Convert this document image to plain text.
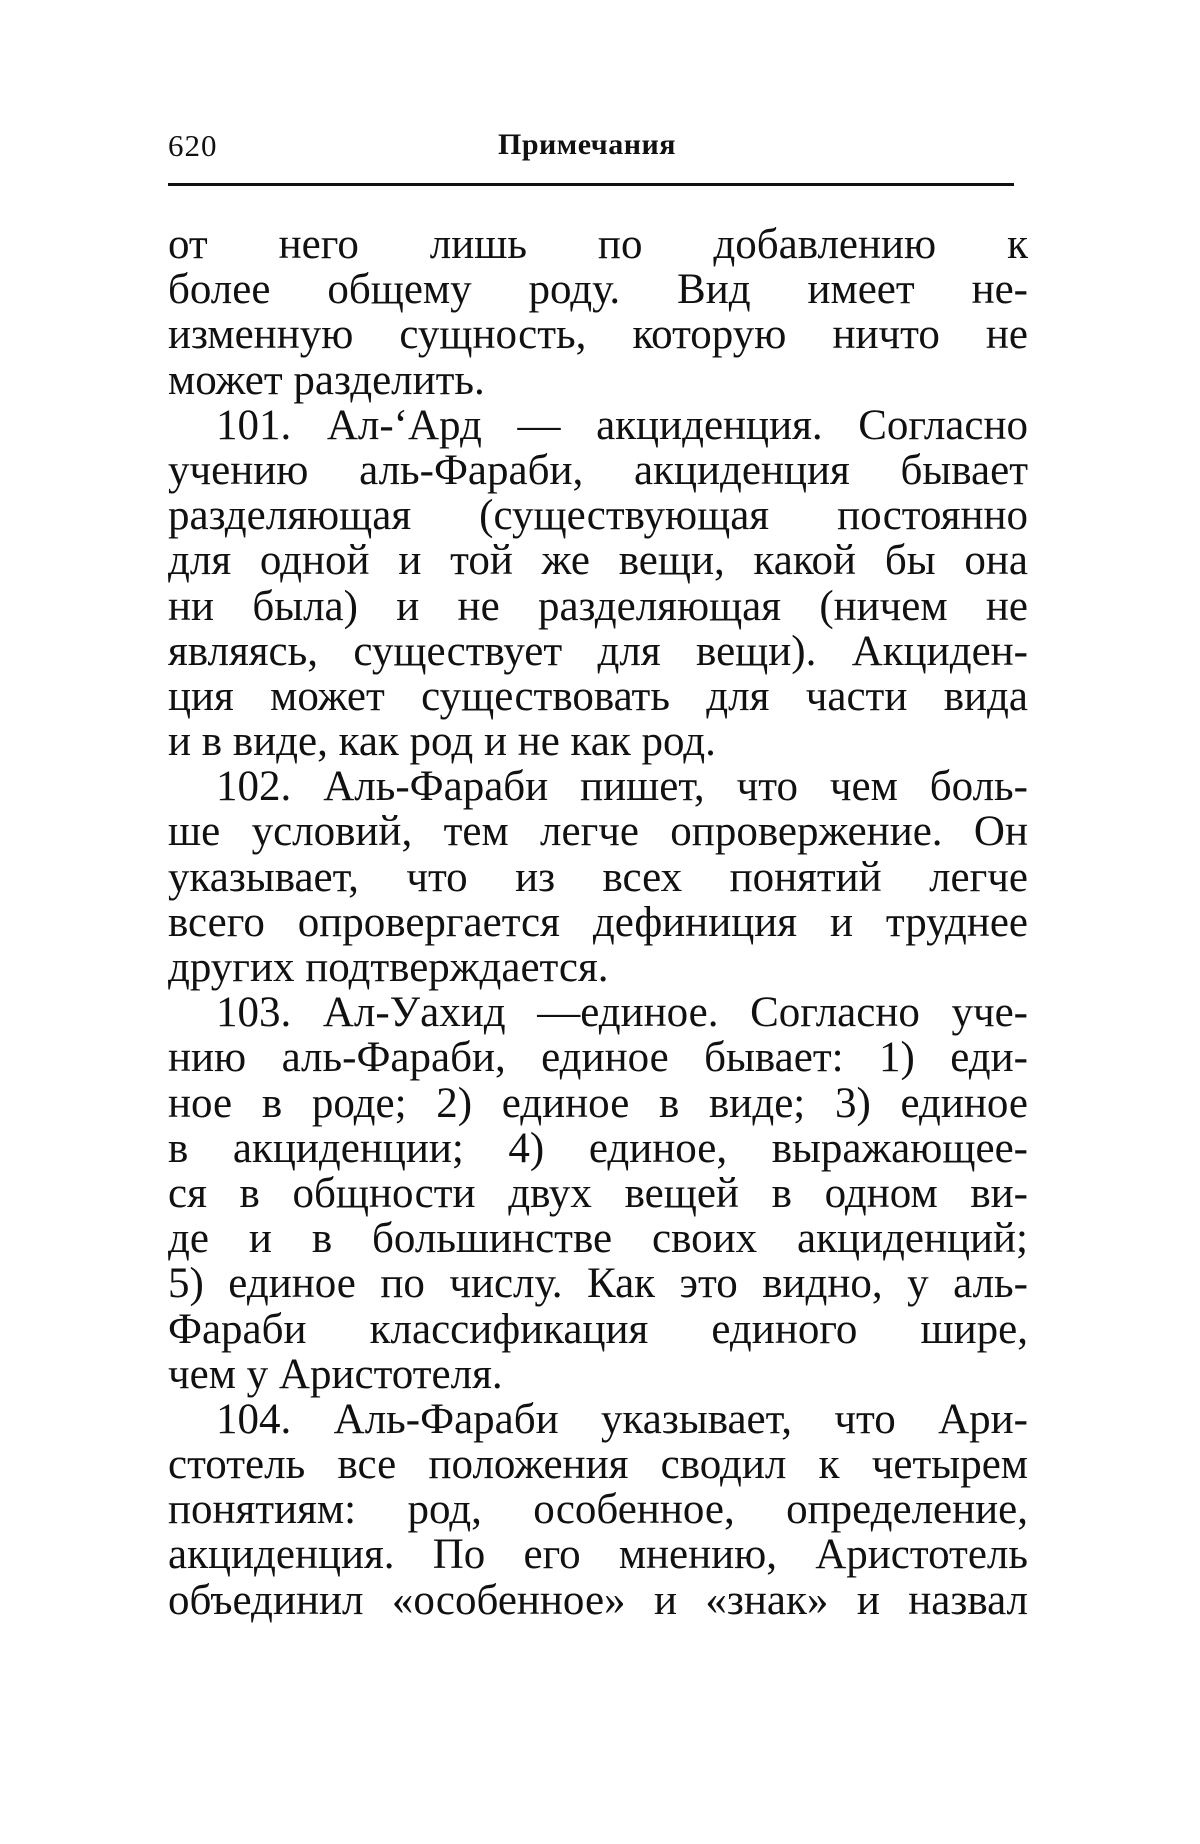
620	Примечания
от него лишь по добавлению к
более общему роду. Вид имеет не-
изменную сущность, которую ничто не
может разделить.
101. Ал-‘Ард — акциденция. Согласно
учению аль-Фараби, акциденция бывает
разделяющая (существующая постоянно
для одной и той же вещи, какой бы она
ни была) и не разделяющая (ничем не
являясь, существует для вещи). Акциден-
ция может существовать для части вида
и в виде, как род и не как род.
102. Аль-Фараби пишет, что чем боль-
ше условий, тем легче опровержение. Он
указывает, что из всех понятий легче
всего опровергается дефиниция и труднее
других подтверждается.
103. Ал-Уахид —единое. Согласно уче-
нию аль-Фараби, единое бывает: 1) еди-
ное в роде; 2) единое в виде; 3) единое
в акциденции; 4) единое, выражающее-
ся в общности двух вещей в одном ви-
де и в большинстве своих акциденций;
5) единое по числу. Как это видно, у аль-
Фараби классификация единого шире,
чем у Аристотеля.
104. Аль-Фараби указывает, что Ари-
стотель все положения сводил к четырем
понятиям: род, особенное, определение,
акциденция. По его мнению, Аристотель
объединил «особенное» и «знак» и назвал
